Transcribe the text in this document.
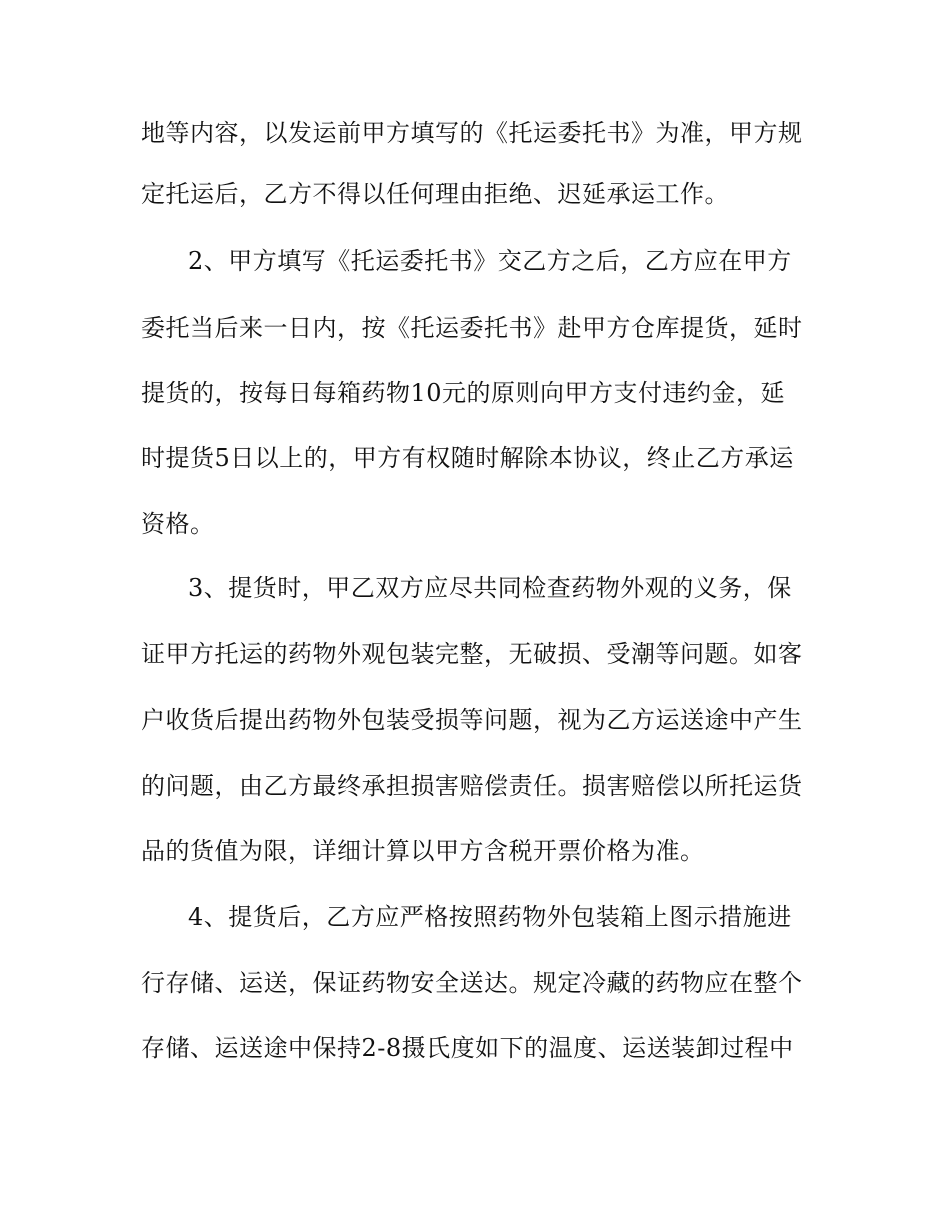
地等内容，以发运前甲方填写的《托运委托书》为准，甲方规
定托运后，乙方不得以任何理由拒绝、迟延承运工作。
2、甲方填写《托运委托书》交乙方之后，乙方应在甲方
委托当后来一日内，按《托运委托书》赴甲方仓库提货，延时
提货的，按每日每箱药物10元的原则向甲方支付违约金，延
时提货5日以上的，甲方有权随时解除本协议，终止乙方承运
资格。
3、提货时，甲乙双方应尽共同检查药物外观的义务，保
证甲方托运的药物外观包装完整，无破损、受潮等问题。如客
户收货后提出药物外包装受损等问题，视为乙方运送途中产生
的问题，由乙方最终承担损害赔偿责任。损害赔偿以所托运货
品的货值为限，详细计算以甲方含税开票价格为准。
4、提货后，乙方应严格按照药物外包装箱上图示措施进
行存储、运送，保证药物安全送达。规定冷藏的药物应在整个
存储、运送途中保持2-8摄氏度如下的温度、运送装卸过程中
